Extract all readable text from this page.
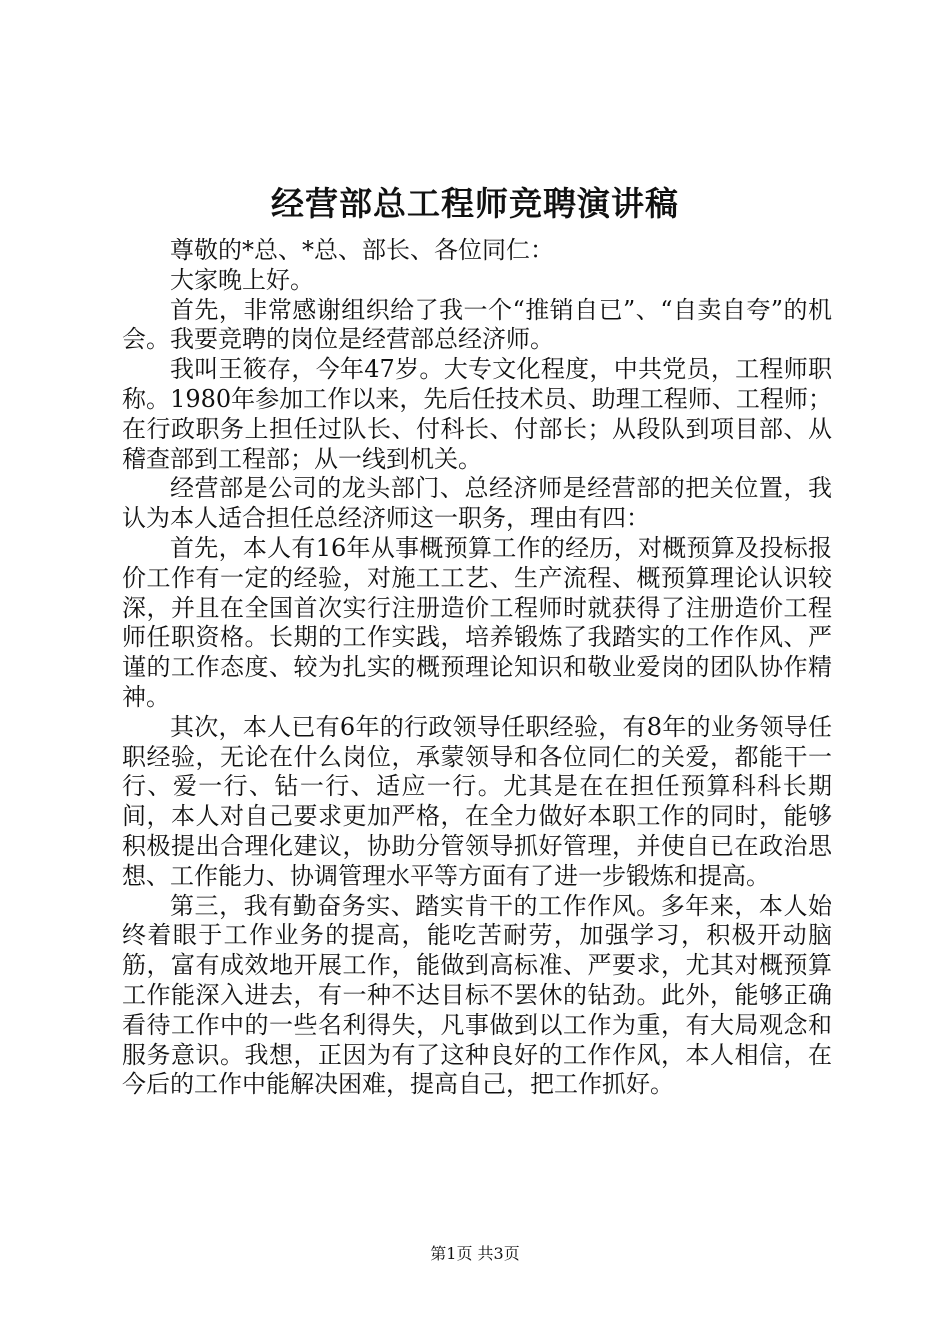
经营部总工程师竞聘演讲稿

尊敬的*总、*总、部长、各位同仁：

大家晚上好。

首先，非常感谢组织给了我一个“推销自已”、“自卖自夸”的机会。我要竞聘的岗位是经营部总经济师。

我叫王筱存，今年47岁。大专文化程度，中共党员，工程师职称。1980年参加工作以来，先后任技术员、助理工程师、工程师；在行政职务上担任过队长、付科长、付部长；从段队到项目部、从稽查部到工程部；从一线到机关。

经营部是公司的龙头部门、总经济师是经营部的把关位置，我认为本人适合担任总经济师这一职务，理由有四：

首先，本人有16年从事概预算工作的经历，对概预算及投标报价工作有一定的经验，对施工工艺、生产流程、概预算理论认识较深，并且在全国首次实行注册造价工程师时就获得了注册造价工程师任职资格。长期的工作实践，培养锻炼了我踏实的工作作风、严谨的工作态度、较为扎实的概预理论知识和敬业爱岗的团队协作精神。

其次，本人已有6年的行政领导任职经验，有8年的业务领导任职经验，无论在什么岗位，承蒙领导和各位同仁的关爱，都能干一行、爱一行、钻一行、适应一行。尤其是在在担任预算科科长期间，本人对自己要求更加严格，在全力做好本职工作的同时，能够积极提出合理化建议，协助分管领导抓好管理，并使自已在政治思想、工作能力、协调管理水平等方面有了进一步锻炼和提高。

第三，我有勤奋务实、踏实肯干的工作作风。多年来，本人始终着眼于工作业务的提高，能吃苦耐劳，加强学习，积极开动脑筋，富有成效地开展工作，能做到高标准、严要求，尤其对概预算工作能深入进去，有一种不达目标不罢休的钻劲。此外，能够正确看待工作中的一些名利得失，凡事做到以工作为重，有大局观念和服务意识。我想，正因为有了这种良好的工作作风，本人相信，在今后的工作中能解决困难，提高自己，把工作抓好。

第1页 共3页
